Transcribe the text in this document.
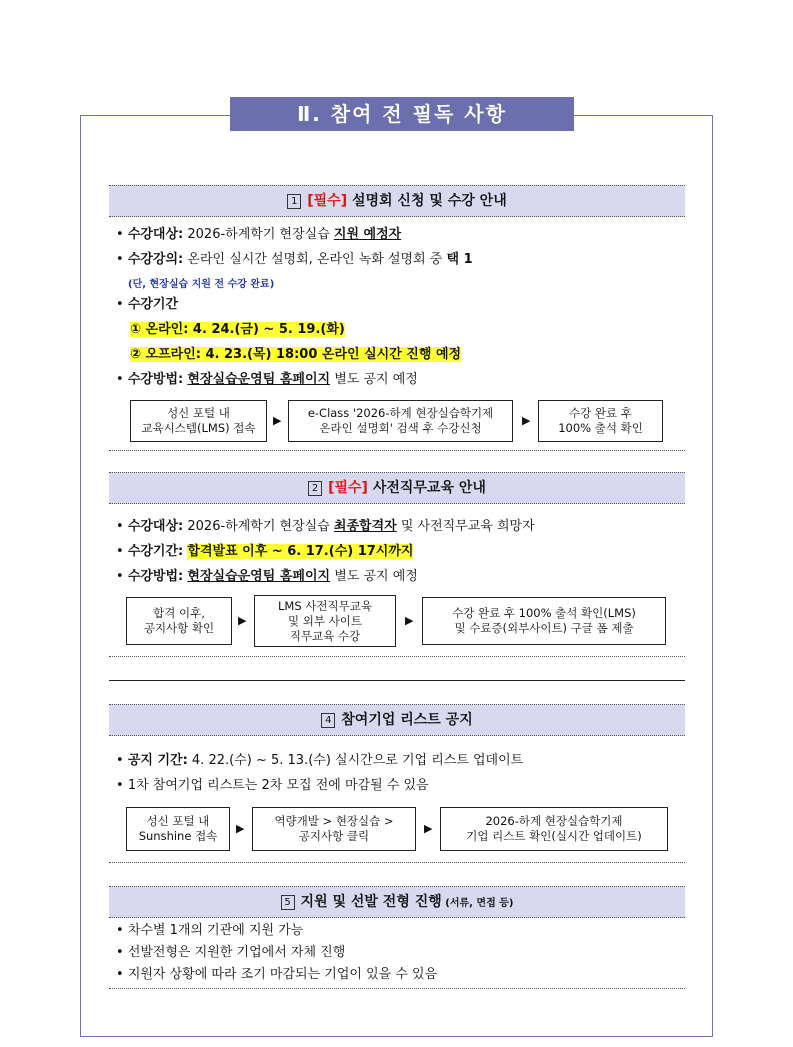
Ⅱ. 참여 전 필독 사항
1 [필수] 설명회 신청 및 수강 안내
• 수강대상: 2026-하계학기 현장실습 지원 예정자
• 수강강의: 온라인 실시간 설명회, 온라인 녹화 설명회 중 택 1
(단, 현장실습 지원 전 수강 완료)
• 수강기간
① 온라인: 4. 24.(금) ~ 5. 19.(화)
② 오프라인: 4. 23.(목) 18:00 온라인 실시간 진행 예정
• 수강방법: 현장실습운영팀 홈페이지 별도 공지 예정
성신 포털 내
교육시스템(LMS) 접속
▶
e-Class '2026-하계 현장실습학기제
온라인 설명회' 검색 후 수강신청
▶
수강 완료 후
100% 출석 확인
2 [필수] 사전직무교육 안내
• 수강대상: 2026-하계학기 현장실습 최종합격자 및 사전직무교육 희망자
• 수강기간: 합격발표 이후 ~ 6. 17.(수) 17시까지
• 수강방법: 현장실습운영팀 홈페이지 별도 공지 예정
합격 이후,
공지사항 확인
▶
LMS 사전직무교육
및 외부 사이트
직무교육 수강
▶
수강 완료 후 100% 출석 확인(LMS)
및 수료증(외부사이트) 구글 폼 제출
4 참여기업 리스트 공지
• 공지 기간: 4. 22.(수) ~ 5. 13.(수) 실시간으로 기업 리스트 업데이트
• 1차 참여기업 리스트는 2차 모집 전에 마감될 수 있음
성신 포털 내
Sunshine 접속
▶
역량개발 > 현장실습 >
공지사항 클릭
▶
2026-하계 현장실습학기제
기업 리스트 확인(실시간 업데이트)
5 지원 및 선발 전형 진행 (서류, 면접 등)
• 차수별 1개의 기관에 지원 가능
• 선발전형은 지원한 기업에서 자체 진행
• 지원자 상황에 따라 조기 마감되는 기업이 있을 수 있음
